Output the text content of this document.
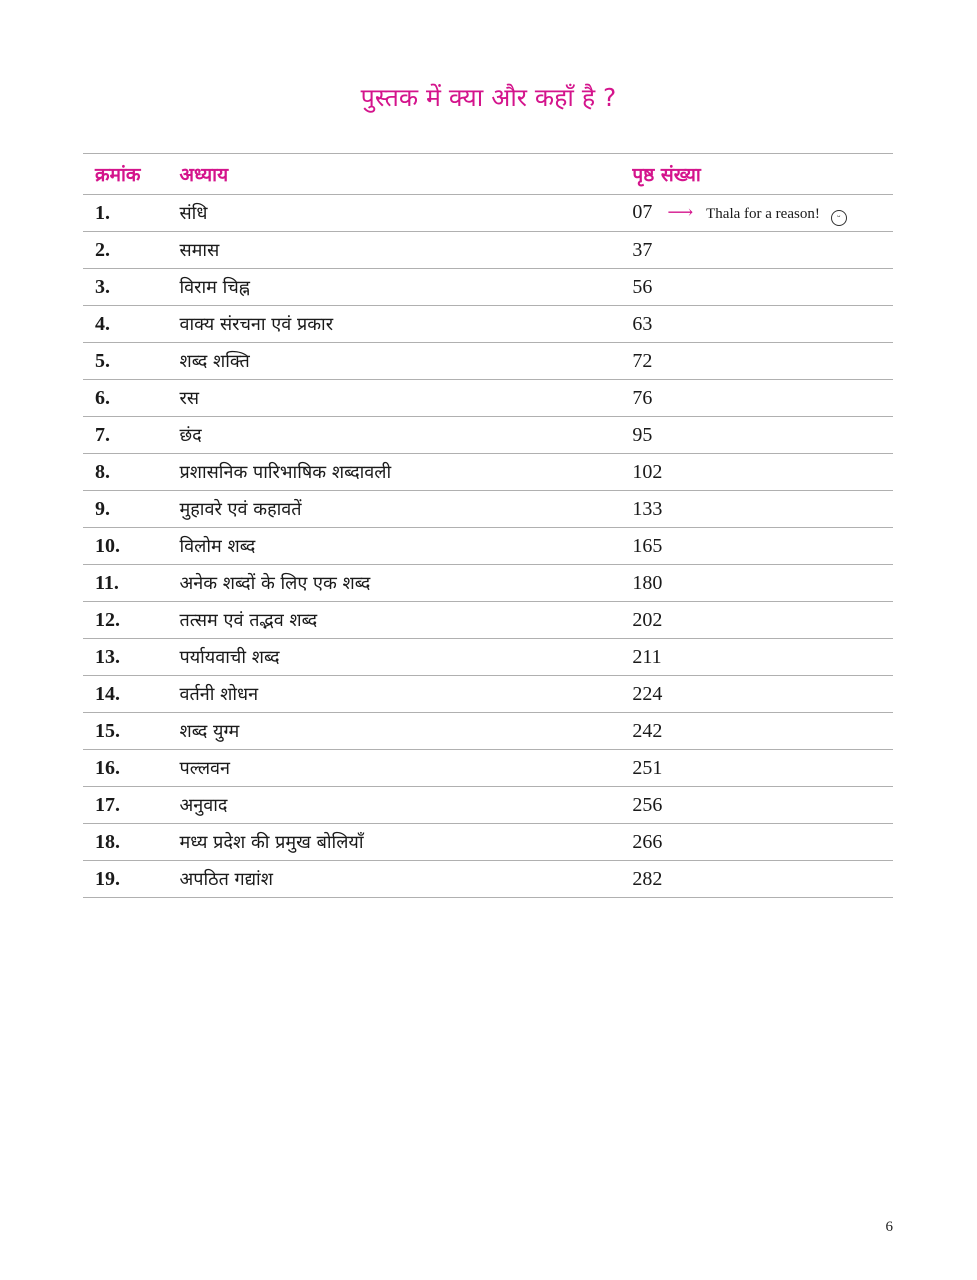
पुस्तक में क्या और कहाँ है ?
क्रमांक	अध्याय	पृष्ठ संख्या
1.	संधि	07 ⟶ Thala for a reason! ᵕ
2.	समास	37
3.	विराम चिह्न	56
4.	वाक्य संरचना एवं प्रकार	63
5.	शब्द शक्ति	72
6.	रस	76
7.	छंद	95
8.	प्रशासनिक पारिभाषिक शब्दावली	102
9.	मुहावरे एवं कहावतें	133
10.	विलोम शब्द	165
11.	अनेक शब्दों के लिए एक शब्द	180
12.	तत्सम एवं तद्भव शब्द	202
13.	पर्यायवाची शब्द	211
14.	वर्तनी शोधन	224
15.	शब्द युग्म	242
16.	पल्लवन	251
17.	अनुवाद	256
18.	मध्य प्रदेश की प्रमुख बोलियाँ	266
19.	अपठित गद्यांश	282
6
